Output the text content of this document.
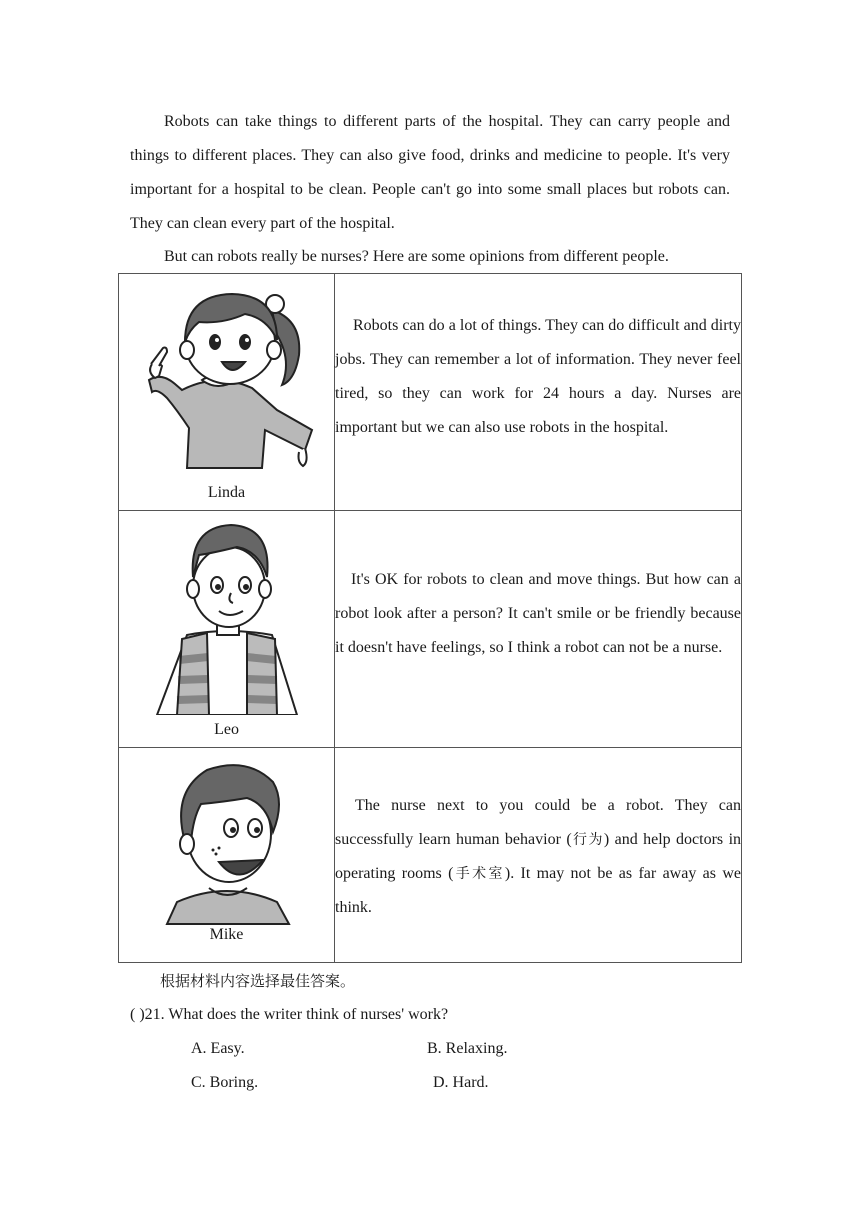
Robots can take things to different parts of the hospital. They can carry people and things to different places. They can also give food, drinks and medicine to people. It's very important for a hospital to be clean. People can't go into some small places but robots can. They can clean every part of the hospital.

But can robots really be nurses? Here are some opinions from different people.

Linda	Robots can do a lot of things. They can do difficult and dirty jobs. They can remember a lot of information. They never feel tired, so they can work for 24 hours a day. Nurses are important but we can also use robots in the hospital.

Leo	It's OK for robots to clean and move things. But how can a robot look after a person? It can't smile or be friendly because it doesn't have feelings, so I think a robot can not be a nurse.

Mike	The nurse next to you could be a robot. They can successfully learn human behavior (行为) and help doctors in operating rooms (手术室). It may not be as far away as we think.

根据材料内容选择最佳答案。
( )21. What does the writer think of nurses' work?
A. Easy.	B. Relaxing.
C. Boring.	D. Hard.
